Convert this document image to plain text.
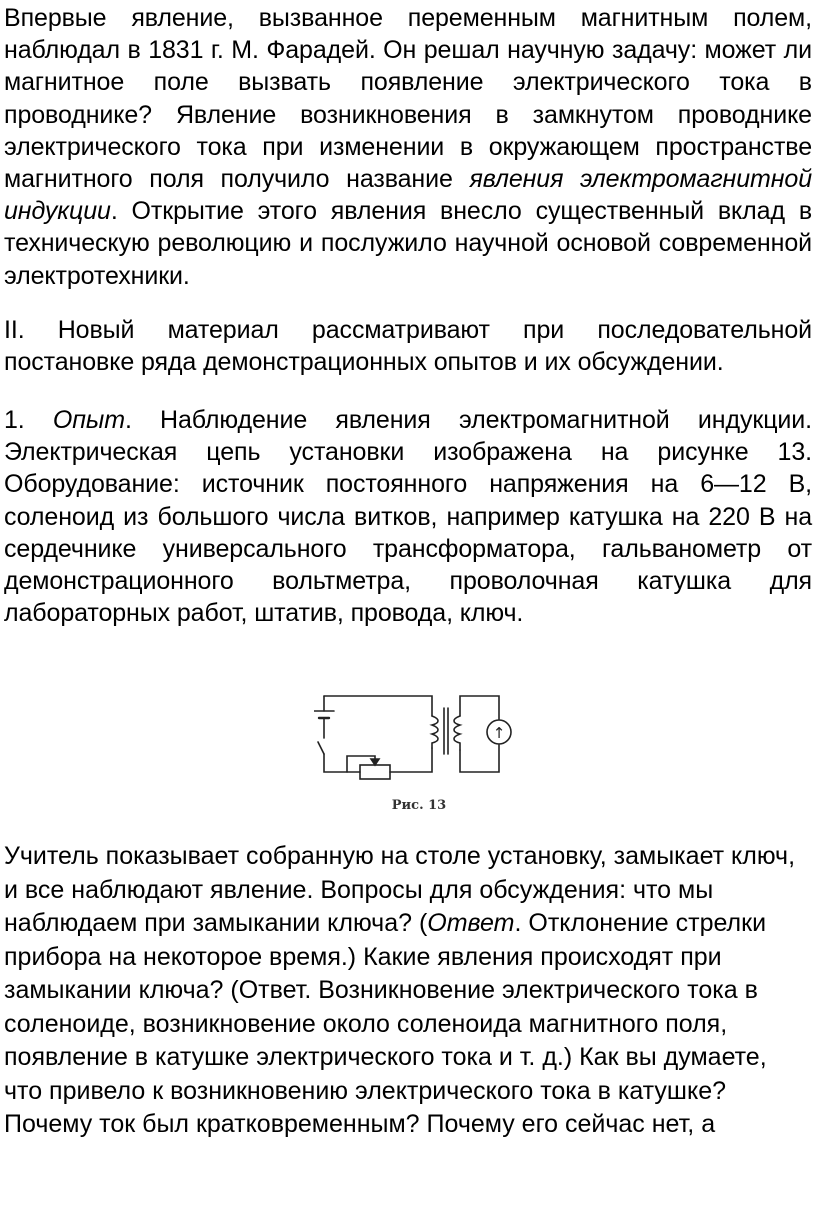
Впервые явление, вызванное переменным магнитным полем, наблюдал в 1831 г. М. Фарадей. Он решал научную задачу: может ли магнитное поле вызвать появление электрического тока в проводнике? Явление возникновения в замкнутом проводнике электрического тока при изменении в окружающем пространстве магнитного поля получило название явления электромагнитной индукции. Открытие этого явления внесло существенный вклад в техническую революцию и послужило научной основой современной электротехники.

II. Новый материал рассматривают при последовательной постановке ряда демонстрационных опытов и их обсуждении.

1. Опыт. Наблюдение явления электромагнитной индукции. Электрическая цепь установки изображена на рисунке 13. Оборудование: источник постоянного напряжения на 6—12 В, соленоид из большого числа витков, например катушка на 220 В на сердечнике универсального трансформатора, гальванометр от демонстрационного вольтметра, проволочная катушка для лабораторных работ, штатив, провода, ключ.

↑
Рис. 13

Учитель показывает собранную на столе установку, замыкает ключ, и все наблюдают явление. Вопросы для обсуждения: что мы наблюдаем при замыкании ключа? (Ответ. Отклонение стрелки прибора на некоторое время.) Какие явления происходят при замыкании ключа? (Ответ. Возникновение электрического тока в соленоиде, возникновение около соленоида магнитного поля, появление в катушке электрического тока и т. д.) Как вы думаете, что привело к возникновению электрического тока в катушке? Почему ток был кратковременным? Почему его сейчас нет, а
